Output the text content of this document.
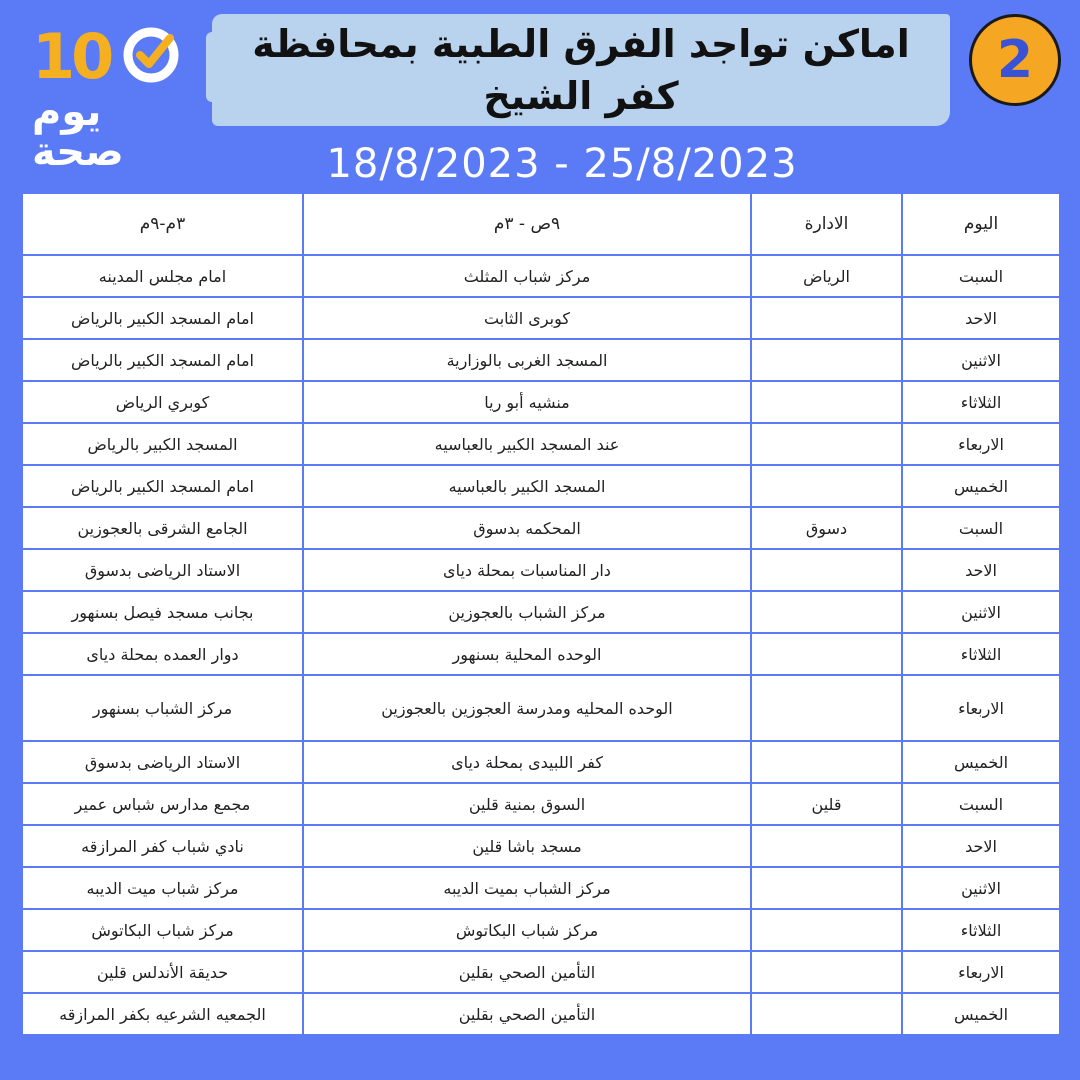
10
يوم
صحة
اماكن تواجد الفرق الطبية بمحافظة
كفر الشيخ
2
18/8/2023 - 25/8/2023
اليوم	الادارة	٩ص - ٣م	٣م-٩م
السبت	الرياض	مركز شباب المثلث	امام مجلس المدينه
الاحد		كوبرى الثابت	امام المسجد الكبير بالرياض
الاثنين		المسجد الغربى بالوزارية	امام المسجد الكبير بالرياض
الثلاثاء		منشيه أبو ريا	كوبري الرياض
الاربعاء		عند المسجد الكبير بالعباسيه	المسجد الكبير بالرياض
الخميس		المسجد الكبير بالعباسيه	امام المسجد الكبير بالرياض
السبت	دسوق	المحكمه بدسوق	الجامع الشرقى بالعجوزين
الاحد		دار المناسبات بمحلة دياى	الاستاد الرياضى بدسوق
الاثنين		مركز الشباب بالعجوزين	بجانب مسجد فيصل بسنهور
الثلاثاء		الوحده المحلية بسنهور	دوار العمده بمحلة دياى
الاربعاء		الوحده المحليه ومدرسة العجوزين بالعجوزين	مركز الشباب بسنهور
الخميس		كفر اللبيدى بمحلة دياى	الاستاد الرياضى بدسوق
السبت	قلين	السوق بمنية قلين	مجمع مدارس شباس عمير
الاحد		مسجد باشا قلين	نادي شباب كفر المرازقه
الاثنين		مركز الشباب بميت الديبه	مركز شباب ميت الديبه
الثلاثاء		مركز شباب البكاتوش	مركز شباب البكاتوش
الاربعاء		التأمين الصحي بقلين	حديقة الأندلس قلين
الخميس		التأمين الصحي بقلين	الجمعيه الشرعيه بكفر المرازقه
